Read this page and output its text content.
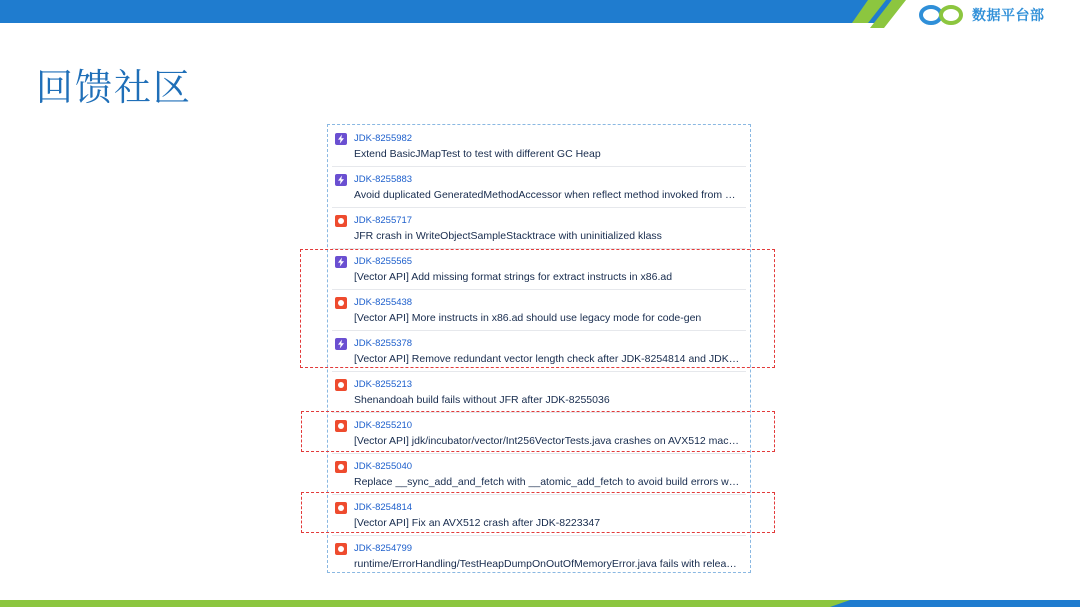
数据平台部
回馈社区
JDK-8255982
Extend BasicJMapTest to test with different GC Heap
JDK-8255883
Avoid duplicated GeneratedMethodAccessor when reflect method invoked from …
JDK-8255717
JFR crash in WriteObjectSampleStacktrace with uninitialized klass
JDK-8255565
[Vector API] Add missing format strings for extract instructs in x86.ad
JDK-8255438
[Vector API] More instructs in x86.ad should use legacy mode for code-gen
JDK-8255378
[Vector API] Remove redundant vector length check after JDK-8254814 and JDK…
JDK-8255213
Shenandoah build fails without JFR after JDK-8255036
JDK-8255210
[Vector API] jdk/incubator/vector/Int256VectorTests.java crashes on AVX512 mac…
JDK-8255040
Replace __sync_add_and_fetch with __atomic_add_fetch to avoid build errors w…
JDK-8254814
[Vector API] Fix an AVX512 crash after JDK-8223347
JDK-8254799
runtime/ErrorHandling/TestHeapDumpOnOutOfMemoryError.java fails with relea…
